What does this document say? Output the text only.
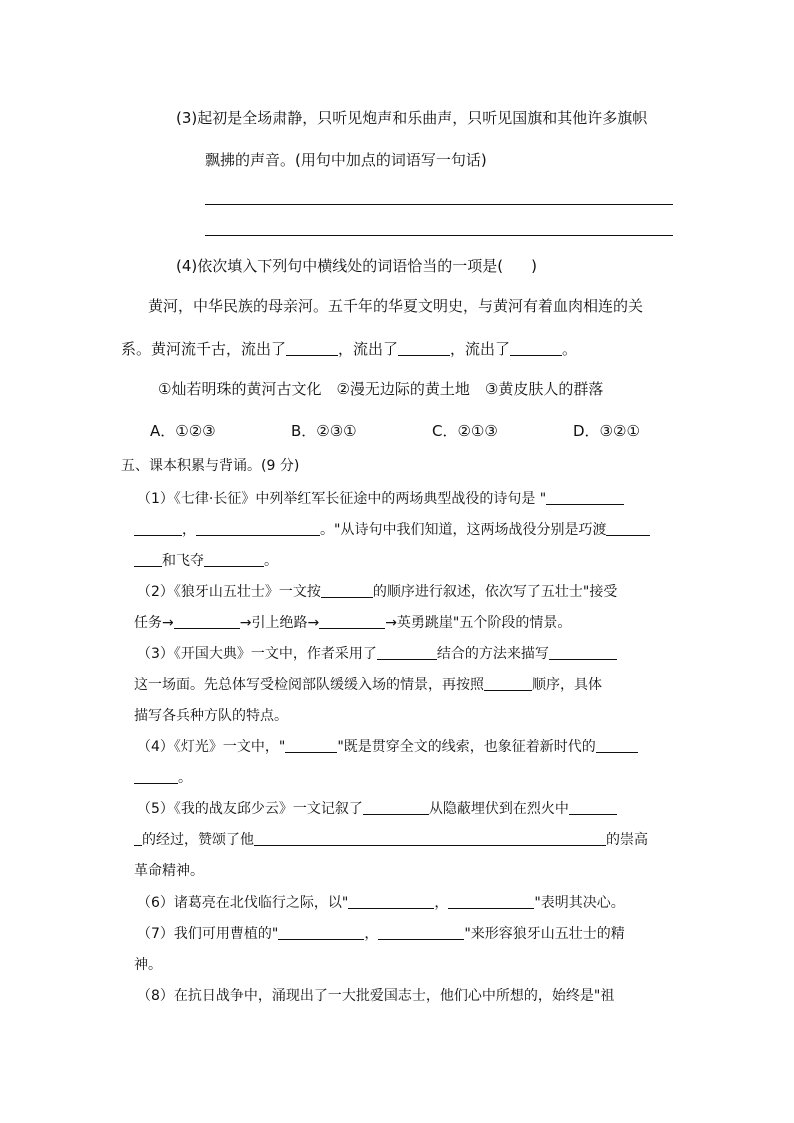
(3)起初是全场肃静，只听见炮声和乐曲声，只听见国旗和其他许多旗帜
飘拂的声音。(用句中加点的词语写一句话)
(4)依次填入下列句中横线处的词语恰当的一项是( )
黄河，中华民族的母亲河。五千年的华夏文明史，与黄河有着血肉相连的关
系。黄河流千古，流出了	，流出了	，流出了	。
①灿若明珠的黄河古文化　②漫无边际的黄土地　③黄皮肤人的群落
A．①②③	B．②③①	C．②①③	D．③②①
五、课本积累与背诵。(9 分)
（1）《七律·长征》中列举红军长征途中的两场典型战役的诗句是 "
，	。"从诗句中我们知道，这两场战役分别是巧渡
和飞夺	。
（2）《狼牙山五壮士》一文按	的顺序进行叙述，依次写了五壮士"接受
任务→	→引上绝路→	→英勇跳崖"五个阶段的情景。
（3）《开国大典》一文中，作者采用了	结合的方法来描写
这一场面。先总体写受检阅部队缓缓入场的情景，再按照	顺序，具体
描写各兵种方队的特点。
（4）《灯光》一文中，"	"既是贯穿全文的线索，也象征着新时代的
。
（5）《我的战友邱少云》一文记叙了	从隐蔽埋伏到在烈火中
的经过，赞颂了他	的崇高
革命精神。
（6）诸葛亮在北伐临行之际，以"	，	"表明其决心。
（7）我们可用曹植的"	，	"来形容狼牙山五壮士的精
神。
（8）在抗日战争中，涌现出了一大批爱国志士，他们心中所想的，始终是"祖
